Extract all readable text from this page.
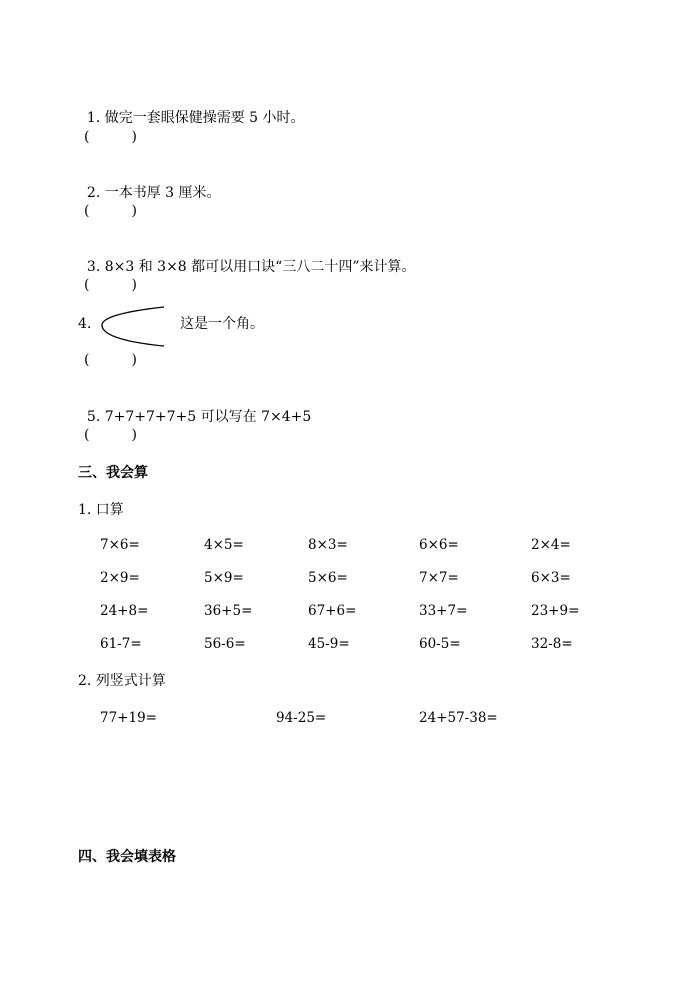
1. 做完一套眼保健操需要 5 小时。

(　　　)

2. 一本书厚 3 厘米。

(　　　)

3. 8×3 和 3×8 都可以用口诀“三八二十四”来计算。

(　　　)
4.	这是一个角。
(　　　)

5. 7+7+7+7+5 可以写在 7×4+5

(　　　)
三、我会算
1. 口算
7×6=	4×5=	8×3=	6×6=	2×4=
2×9=	5×9=	5×6=	7×7=	6×3=
24+8=	36+5=	67+6=	33+7=	23+9=
61-7=	56-6=	45-9=	60-5=	32-8=
2. 列竖式计算
77+19=	94-25=	24+57-38=
四、我会填表格
